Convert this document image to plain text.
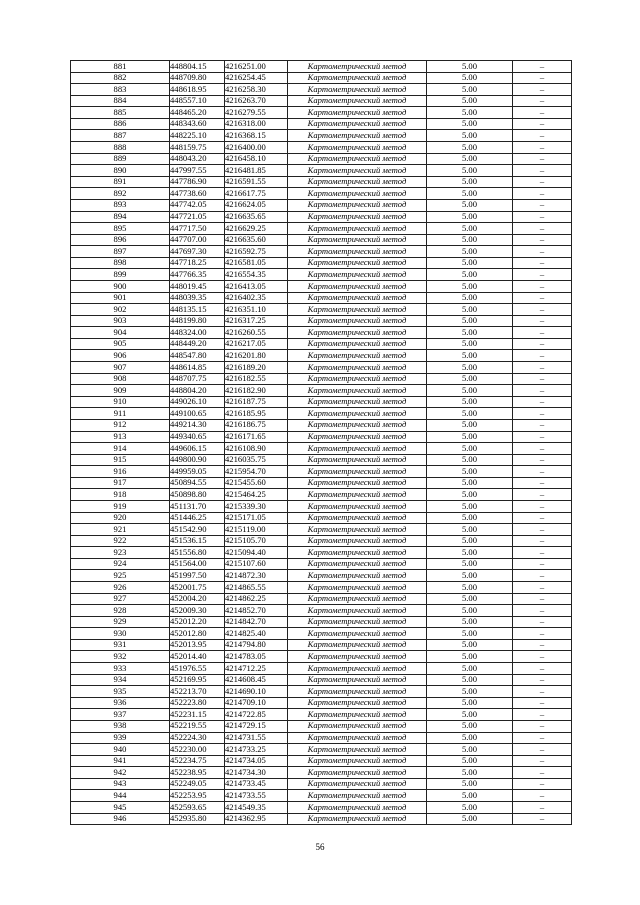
881	448804.15	4216251.00	Картометрический метод	5.00	–
882	448709.80	4216254.45	Картометрический метод	5.00	–
883	448618.95	4216258.30	Картометрический метод	5.00	–
884	448557.10	4216263.70	Картометрический метод	5.00	–
885	448465.20	4216279.55	Картометрический метод	5.00	–
886	448343.60	4216318.00	Картометрический метод	5.00	–
887	448225.10	4216368.15	Картометрический метод	5.00	–
888	448159.75	4216400.00	Картометрический метод	5.00	–
889	448043.20	4216458.10	Картометрический метод	5.00	–
890	447997.55	4216481.85	Картометрический метод	5.00	–
891	447786.90	4216591.55	Картометрический метод	5.00	–
892	447738.60	4216617.75	Картометрический метод	5.00	–
893	447742.05	4216624.05	Картометрический метод	5.00	–
894	447721.05	4216635.65	Картометрический метод	5.00	–
895	447717.50	4216629.25	Картометрический метод	5.00	–
896	447707.00	4216635.60	Картометрический метод	5.00	–
897	447697.30	4216592.75	Картометрический метод	5.00	–
898	447718.25	4216581.05	Картометрический метод	5.00	–
899	447766.35	4216554.35	Картометрический метод	5.00	–
900	448019.45	4216413.05	Картометрический метод	5.00	–
901	448039.35	4216402.35	Картометрический метод	5.00	–
902	448135.15	4216351.10	Картометрический метод	5.00	–
903	448199.80	4216317.25	Картометрический метод	5.00	–
904	448324.00	4216260.55	Картометрический метод	5.00	–
905	448449.20	4216217.05	Картометрический метод	5.00	–
906	448547.80	4216201.80	Картометрический метод	5.00	–
907	448614.85	4216189.20	Картометрический метод	5.00	–
908	448707.75	4216182.55	Картометрический метод	5.00	–
909	448804.20	4216182.90	Картометрический метод	5.00	–
910	449026.10	4216187.75	Картометрический метод	5.00	–
911	449100.65	4216185.95	Картометрический метод	5.00	–
912	449214.30	4216186.75	Картометрический метод	5.00	–
913	449340.65	4216171.65	Картометрический метод	5.00	–
914	449606.15	4216108.90	Картометрический метод	5.00	–
915	449800.90	4216035.75	Картометрический метод	5.00	–
916	449959.05	4215954.70	Картометрический метод	5.00	–
917	450894.55	4215455.60	Картометрический метод	5.00	–
918	450898.80	4215464.25	Картометрический метод	5.00	–
919	451131.70	4215339.30	Картометрический метод	5.00	–
920	451446.25	4215171.05	Картометрический метод	5.00	–
921	451542.90	4215119.00	Картометрический метод	5.00	–
922	451536.15	4215105.70	Картометрический метод	5.00	–
923	451556.80	4215094.40	Картометрический метод	5.00	–
924	451564.00	4215107.60	Картометрический метод	5.00	–
925	451997.50	4214872.30	Картометрический метод	5.00	–
926	452001.75	4214865.55	Картометрический метод	5.00	–
927	452004.20	4214862.25	Картометрический метод	5.00	–
928	452009.30	4214852.70	Картометрический метод	5.00	–
929	452012.20	4214842.70	Картометрический метод	5.00	–
930	452012.80	4214825.40	Картометрический метод	5.00	–
931	452013.95	4214794.80	Картометрический метод	5.00	–
932	452014.40	4214783.05	Картометрический метод	5.00	–
933	451976.55	4214712.25	Картометрический метод	5.00	–
934	452169.95	4214608.45	Картометрический метод	5.00	–
935	452213.70	4214690.10	Картометрический метод	5.00	–
936	452223.80	4214709.10	Картометрический метод	5.00	–
937	452231.15	4214722.85	Картометрический метод	5.00	–
938	452219.55	4214729.15	Картометрический метод	5.00	–
939	452224.30	4214731.55	Картометрический метод	5.00	–
940	452230.00	4214733.25	Картометрический метод	5.00	–
941	452234.75	4214734.05	Картометрический метод	5.00	–
942	452238.95	4214734.30	Картометрический метод	5.00	–
943	452249.05	4214733.45	Картометрический метод	5.00	–
944	452253.95	4214733.55	Картометрический метод	5.00	–
945	452593.65	4214549.35	Картометрический метод	5.00	–
946	452935.80	4214362.95	Картометрический метод	5.00	–
56
